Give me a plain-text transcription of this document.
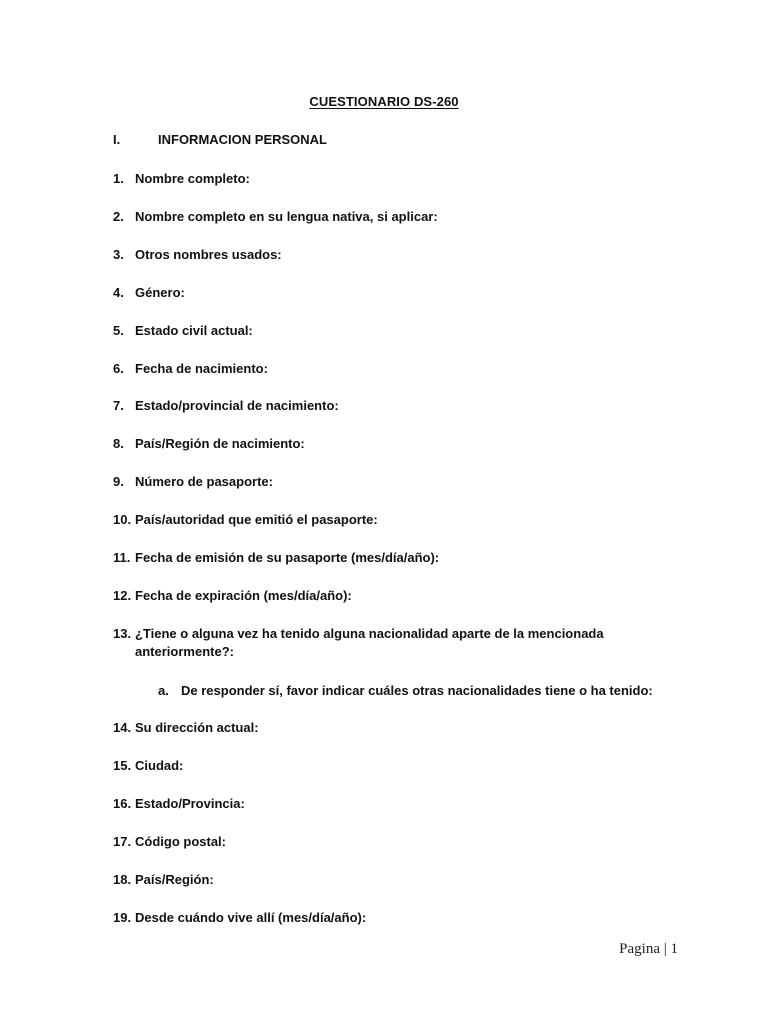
CUESTIONARIO DS-260
I.	INFORMACION PERSONAL
1. Nombre completo:
2. Nombre completo en su lengua nativa, si aplicar:
3. Otros nombres usados:
4. Género:
5. Estado civil actual:
6. Fecha de nacimiento:
7. Estado/provincial de nacimiento:
8. País/Región de nacimiento:
9. Número de pasaporte:
10. País/autoridad que emitió el pasaporte:
11. Fecha de emisión de su pasaporte (mes/día/año):
12. Fecha de expiración (mes/día/año):
13. ¿Tiene o alguna vez ha tenido alguna nacionalidad aparte de la mencionada
anteriormente?:
a. De responder sí, favor indicar cuáles otras nacionalidades tiene o ha tenido:
14. Su dirección actual:
15. Ciudad:
16. Estado/Provincia:
17. Código postal:
18. País/Región:
19. Desde cuándo vive allí (mes/día/año):
Pagina | 1
